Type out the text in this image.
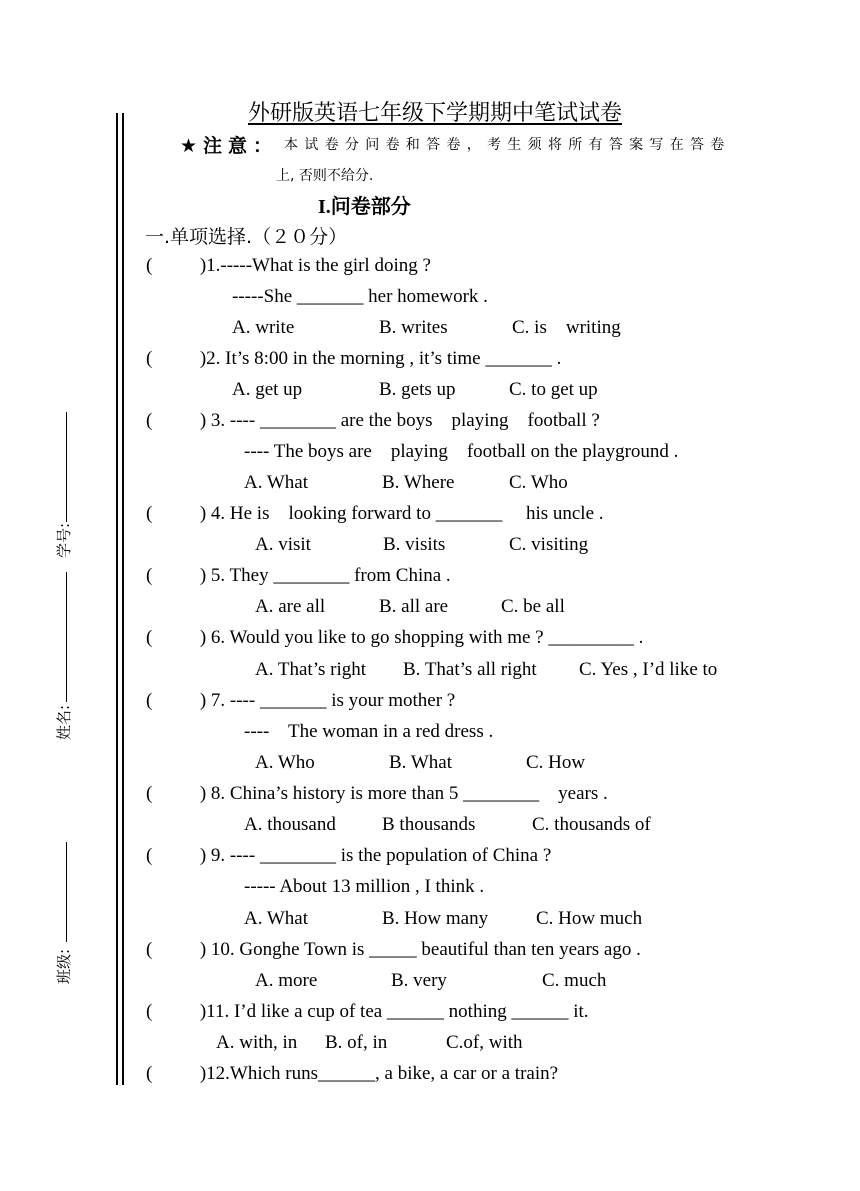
学号:
姓名:
班级:
外研版英语七年级下学期期中笔试试卷
★注意： 本试卷分问卷和答卷，考生须将所有答案写在答卷
上, 否则不给分.
I.问卷部分
一.单项选择.（２０分）
(          )1.-----What is the girl doing ?
-----She _______ her homework .
A. write	B. writes	C. is    writing
(          )2. It’s 8:00 in the morning , it’s time _______ .
A. get up	B. gets up	C. to get up
(          ) 3. ---- ________ are the boys    playing    football ?
---- The boys are    playing    football on the playground .
A. What	B. Where	C. Who
(          ) 4. He is    looking forward to _______     his uncle .
A. visit	B. visits	C. visiting
(          ) 5. They ________ from China .
A. are all	B. all are	C. be all
(          ) 6. Would you like to go shopping with me ? _________ .
A. That’s right B. That’s all right C. Yes , I’d like to
(          ) 7. ---- _______ is your mother ?
----    The woman in a red dress .
A. Who	B. What	C. How
(          ) 8. China’s history is more than 5 ________    years .
A. thousand B thousands	C. thousands of
(          ) 9. ---- ________ is the population of China ?
----- About 13 million , I think .
A. What	B. How many	C. How much
(          ) 10. Gonghe Town is _____ beautiful than ten years ago .
A. more	B. very	C. much
(          )11. I’d like a cup of tea ______ nothing ______ it.
A. with, in B. of, in	C.of, with
(          )12.Which runs______, a bike, a car or a train?
